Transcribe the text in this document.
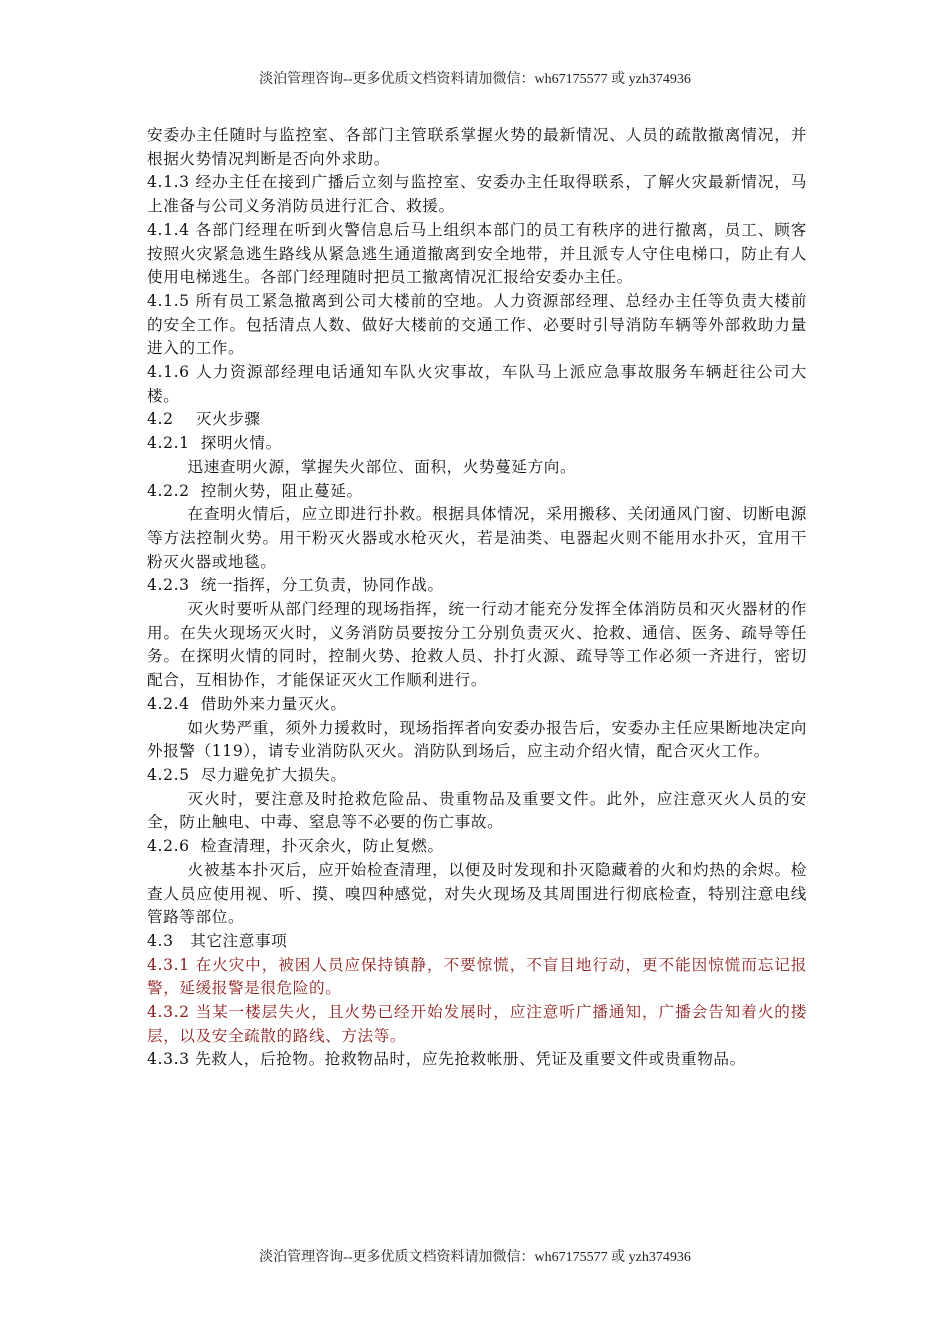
淡泊管理咨询--更多优质文档资料请加微信：wh67175577 或 yzh374936

安委办主任随时与监控室、各部门主管联系掌握火势的最新情况、人员的疏散撤离情况，并根据火势情况判断是否向外求助。

4.1.3 经办主任在接到广播后立刻与监控室、安委办主任取得联系，了解火灾最新情况，马上准备与公司义务消防员进行汇合、救援。

4.1.4 各部门经理在听到火警信息后马上组织本部门的员工有秩序的进行撤离，员工、顾客按照火灾紧急逃生路线从紧急逃生通道撤离到安全地带，并且派专人守住电梯口，防止有人使用电梯逃生。各部门经理随时把员工撤离情况汇报给安委办主任。

4.1.5 所有员工紧急撤离到公司大楼前的空地。人力资源部经理、总经办主任等负责大楼前的安全工作。包括清点人数、做好大楼前的交通工作、必要时引导消防车辆等外部救助力量进入的工作。

4.1.6 人力资源部经理电话通知车队火灾事故，车队马上派应急事故服务车辆赶往公司大楼。

4.2    灭火步骤

4.2.1  探明火情。

迅速查明火源，掌握失火部位、面积，火势蔓延方向。

4.2.2  控制火势，阻止蔓延。

在查明火情后，应立即进行扑救。根据具体情况，采用搬移、关闭通风门窗、切断电源等方法控制火势。用干粉灭火器或水枪灭火，若是油类、电器起火则不能用水扑灭，宜用干粉灭火器或地毯。

4.2.3  统一指挥，分工负责，协同作战。

灭火时要听从部门经理的现场指挥，统一行动才能充分发挥全体消防员和灭火器材的作用。在失火现场灭火时，义务消防员要按分工分别负责灭火、抢救、通信、医务、疏导等任务。在探明火情的同时，控制火势、抢救人员、扑打火源、疏导等工作必须一齐进行，密切配合，互相协作，才能保证灭火工作顺利进行。

4.2.4  借助外来力量灭火。

如火势严重，须外力援救时，现场指挥者向安委办报告后，安委办主任应果断地决定向外报警（119），请专业消防队灭火。消防队到场后，应主动介绍火情，配合灭火工作。

4.2.5  尽力避免扩大损失。

灭火时，要注意及时抢救危险品、贵重物品及重要文件。此外，应注意灭火人员的安全，防止触电、中毒、窒息等不必要的伤亡事故。

4.2.6  检查清理，扑灭余火，防止复燃。

火被基本扑灭后，应开始检查清理，以便及时发现和扑灭隐藏着的火和灼热的余烬。检查人员应使用视、听、摸、嗅四种感觉，对失火现场及其周围进行彻底检查，特别注意电线管路等部位。

4.3   其它注意事项

4.3.1 在火灾中，被困人员应保持镇静，不要惊慌，不盲目地行动，更不能因惊慌而忘记报警，延缓报警是很危险的。

4.3.2 当某一楼层失火，且火势已经开始发展时，应注意听广播通知，广播会告知着火的搂层，以及安全疏散的路线、方法等。

4.3.3 先救人，后抢物。抢救物品时，应先抢救帐册、凭证及重要文件或贵重物品。

淡泊管理咨询--更多优质文档资料请加微信：wh67175577 或 yzh374936
